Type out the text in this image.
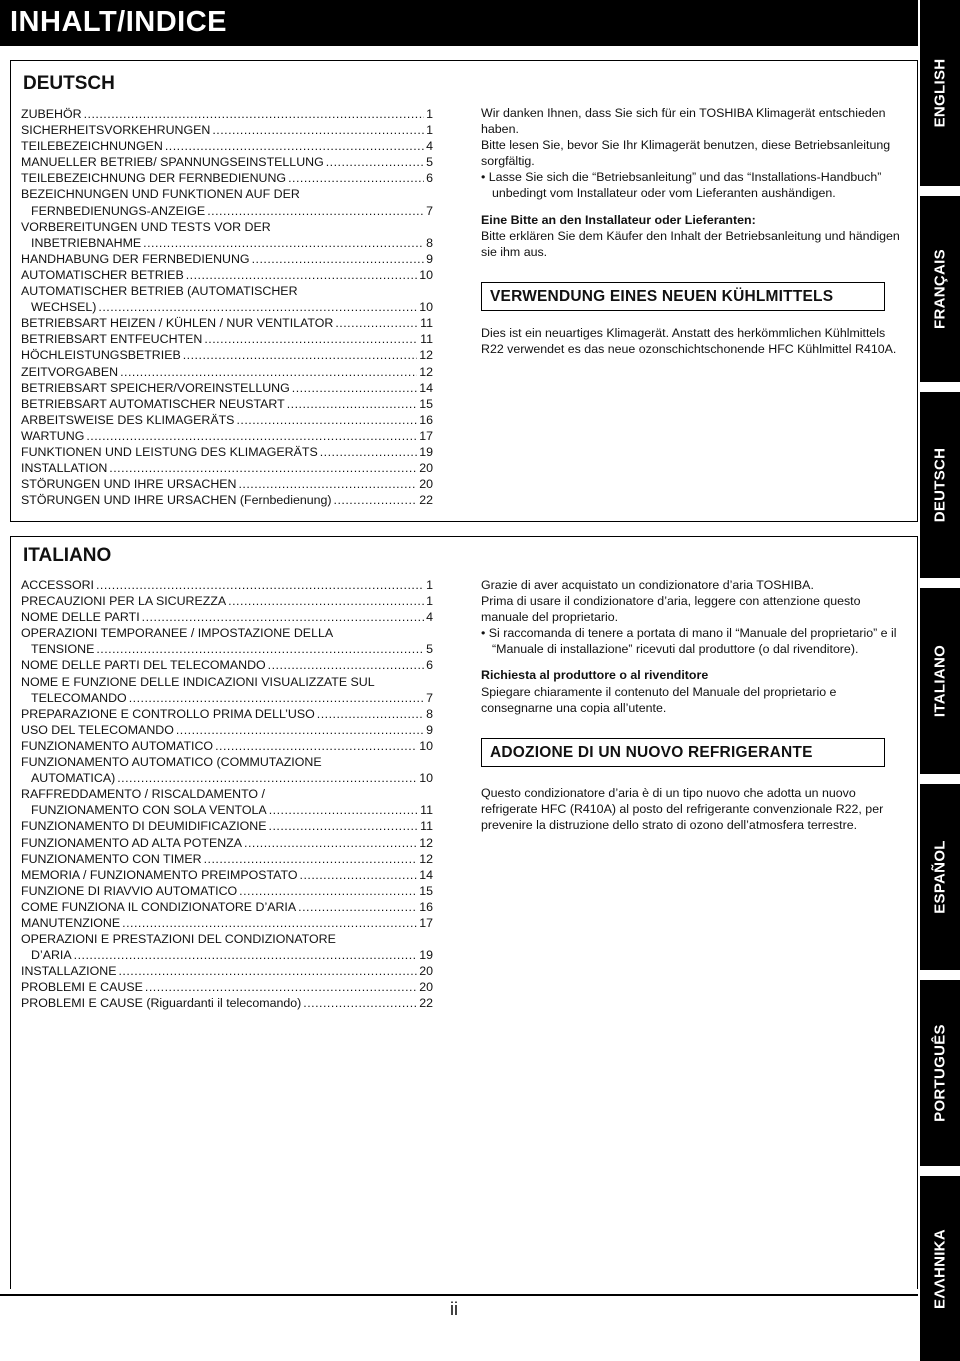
INHALT/INDICE
ENGLISH
FRANÇAIS
DEUTSCH
ITALIANO
ESPAÑOL
PORTUGUÊS
ΕΛΛΗΝΙΚΑ
DEUTSCH
ZUBEHÖR .....	1
SICHERHEITSVORKEHRUNGEN .....	1
TEILEBEZEICHNUNGEN .....	4
MANUELLER BETRIEB/ SPANNUNGSEINSTELLUNG .....	5
TEILEBEZEICHNUNG DER FERNBEDIENUNG .....	6
BEZEICHNUNGEN UND FUNKTIONEN AUF DER
FERNBEDIENUNGS-ANZEIGE .....	7
VORBEREITUNGEN UND TESTS VOR DER
INBETRIEBNAHME .....	8
HANDHABUNG DER FERNBEDIENUNG .....	9
AUTOMATISCHER BETRIEB .....	10
AUTOMATISCHER BETRIEB (AUTOMATISCHER
WECHSEL) .....	10
BETRIEBSART HEIZEN / KÜHLEN / NUR VENTILATOR .....	11
BETRIEBSART ENTFEUCHTEN .....	11
HÖCHLEISTUNGSBETRIEB .....	12
ZEITVORGABEN .....	12
BETRIEBSART SPEICHER/VOREINSTELLUNG .....	14
BETRIEBSART AUTOMATISCHER NEUSTART .....	15
ARBEITSWEISE DES KLIMAGERÄTS .....	16
WARTUNG .....	17
FUNKTIONEN UND LEISTUNG DES KLIMAGERÄTS .....	19
INSTALLATION .....	20
STÖRUNGEN UND IHRE URSACHEN .....	20
STÖRUNGEN UND IHRE URSACHEN (Fernbedienung) .....	22

Wir danken Ihnen, dass Sie sich für ein TOSHIBA Klimagerät entschieden haben.

Bitte lesen Sie, bevor Sie Ihr Klimagerät benutzen, diese Betriebsanleitung sorgfältig.

• Lasse Sie sich die “Betriebsanleitung” und das “Installations-Handbuch” unbedingt vom Installateur oder vom Lieferanten aushändigen.

Eine Bitte an den Installateur oder Lieferanten:

Bitte erklären Sie dem Käufer den Inhalt der Betriebsanleitung und händigen sie ihm aus.

VERWENDUNG EINES NEUEN KÜHLMITTELS

Dies ist ein neuartiges Klimagerät. Anstatt des herkömmlichen Kühlmittels R22 verwendet es das neue ozonschichtschonende HFC Kühlmittel R410A.

ITALIANO
ACCESSORI .....	1
PRECAUZIONI PER LA SICUREZZA .....	1
NOME DELLE PARTI .....	4
OPERAZIONI TEMPORANEE / IMPOSTAZIONE DELLA
TENSIONE .....	5
NOME DELLE PARTI DEL TELECOMANDO .....	6
NOME E FUNZIONE DELLE INDICAZIONI VISUALIZZATE SUL
TELECOMANDO .....	7
PREPARAZIONE E CONTROLLO PRIMA DELL’USO .....	8
USO DEL TELECOMANDO .....	9
FUNZIONAMENTO AUTOMATICO .....	10
FUNZIONAMENTO AUTOMATICO (COMMUTAZIONE
AUTOMATICA) .....	10
RAFFREDDAMENTO / RISCALDAMENTO /
FUNZIONAMENTO CON SOLA VENTOLA .....	11
FUNZIONAMENTO DI DEUMIDIFICAZIONE .....	11
FUNZIONAMENTO AD ALTA POTENZA .....	12
FUNZIONAMENTO CON TIMER .....	12
MEMORIA / FUNZIONAMENTO PREIMPOSTATO .....	14
FUNZIONE DI RIAVVIO AUTOMATICO .....	15
COME FUNZIONA IL CONDIZIONATORE D’ARIA .....	16
MANUTENZIONE .....	17
OPERAZIONI E PRESTAZIONI DEL CONDIZIONATORE
D’ARIA .....	19
INSTALLAZIONE .....	20
PROBLEMI E CAUSE .....	20
PROBLEMI E CAUSE (Riguardanti il telecomando) .....	22

Grazie di aver acquistato un condizionatore d’aria TOSHIBA.

Prima di usare il condizionatore d’aria, leggere con attenzione questo manuale del proprietario.

• Si raccomanda di tenere a portata di mano il “Manuale del proprietario” e il “Manuale di installazione” ricevuti dal produttore (o dal rivenditore).

Richiesta al produttore o al rivenditore

Spiegare chiaramente il contenuto del Manuale del proprietario e consegnarne una copia all’utente.

ADOZIONE DI UN NUOVO REFRIGERANTE

Questo condizionatore d’aria è di un tipo nuovo che adotta un nuovo refrigerate HFC (R410A) al posto del refrigerante convenzionale R22, per prevenire la distruzione dello strato di ozono dell’atmosfera terrestre.

ii
